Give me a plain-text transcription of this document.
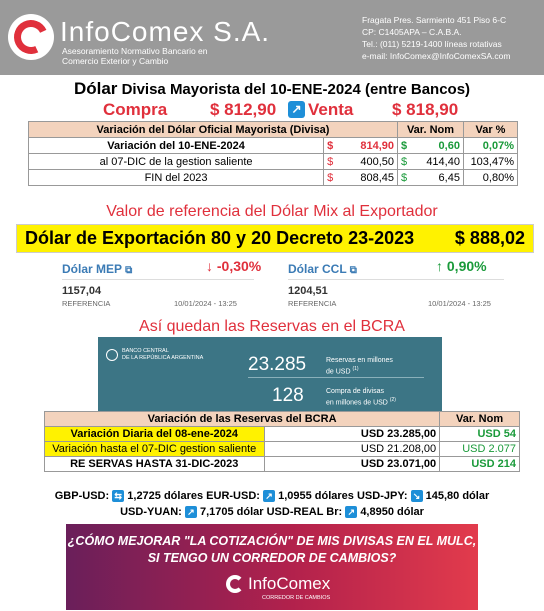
InfoComex S.A.
Asesoramiento Normativo Bancario en
Comercio Exterior y Cambio
Fragata Pres. Sarmiento 451 Piso 6-C
CP: C1405APA – C.A.B.A.
Tel.: (011) 5219-1400 líneas rotativas
e-mail: InfoComex@InfoComexSA.com
Dólar Divisa Mayorista del 10-ENE-2024 (entre Bancos)
Compra	$ 812,90 ↗ Venta $ 818,90
Variación del Dólar Oficial Mayorista (Divisa)			Var. Nom		Var %
Variación del 10-ENE-2024	$	814,90	$	0,60	0,07%
al 07-DIC de la gestion saliente	$	400,50	$	414,40	103,47%
FIN del 2023	$	808,45	$	6,45	0,80%
Valor de referencia del Dólar Mix al Exportador
Dólar de Exportación 80 y 20 Decreto 23-2023 $ 888,02
Dólar MEP ⧉	↓ -0,30%
1157,04
REFERENCIA	10/01/2024 - 13:25
Dólar CCL ⧉	↑ 0,90%
1204,51
REFERENCIA	10/01/2024 - 13:25
Así quedan las Reservas en el BCRA
BANCO CENTRAL
DE LA REPÚBLICA ARGENTINA 23.285	Reservas en millones
de USD $^{(1)}$
128	Compra de divisas
en millones de USD $^{(2)}$
Variación de las Reservas del BCRA		Var. Nom
Variación Diaria del 08-ene-2024	USD 23.285,00	USD 54
Variación hasta el 07-DIC gestion saliente	USD 21.208,00	USD 2.077
RE SERVAS HASTA 31-DIC-2023	USD 23.071,00	USD 214
GBP-USD: ⇆ 1,2725 dólares EUR-USD: ↗ 1,0955 dólares USD-JPY: ↘ 145,80 dólar
USD-YUAN: ↗ 7,1705 dólar USD-REAL Br: ↗ 4,8950 dólar
¿CÓMO MEJORAR "LA COTIZACIÓN" DE MIS DIVISAS EN EL MULC,
SI TENGO UN CORREDOR DE CAMBIOS?
InfoComex
CORREDOR DE CAMBIOS
